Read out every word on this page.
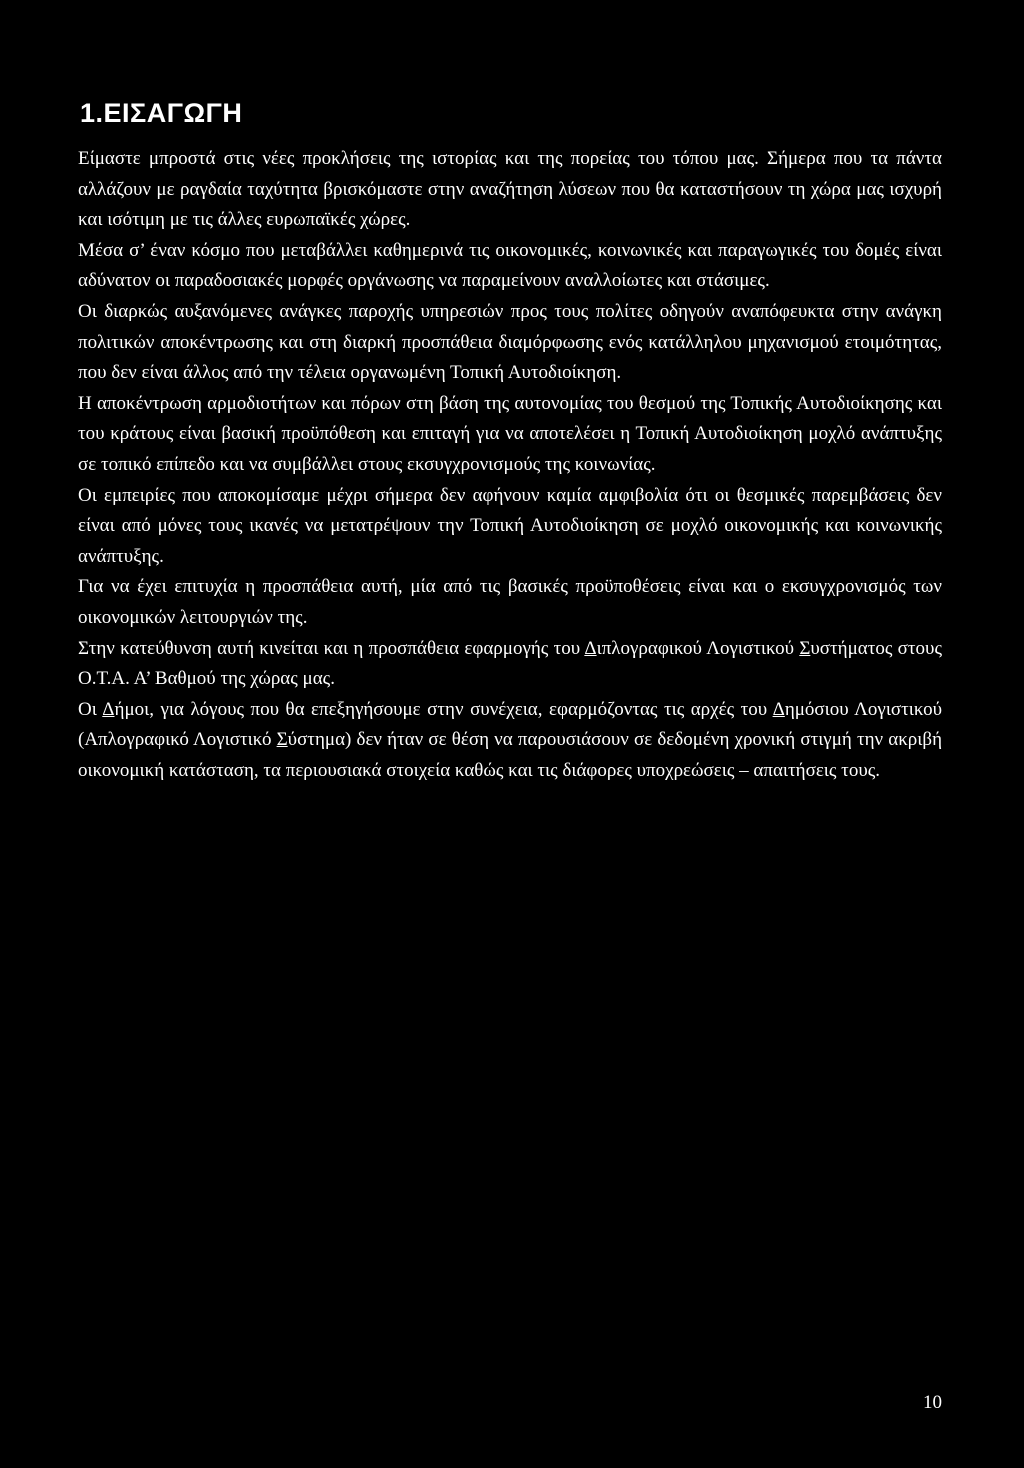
1.ΕΙΣΑΓΩΓΗ

Είμαστε μπροστά στις νέες προκλήσεις της ιστορίας και της πορείας του τόπου μας. Σήμερα που τα πάντα αλλάζουν με ραγδαία ταχύτητα βρισκόμαστε στην αναζήτηση λύσεων που θα καταστήσουν τη χώρα μας ισχυρή και ισότιμη με τις άλλες ευρωπαϊκές χώρες.

Μέσα σ’ έναν κόσμο που μεταβάλλει καθημερινά τις οικονομικές, κοινωνικές και παραγωγικές του δομές είναι αδύνατον οι παραδοσιακές μορφές οργάνωσης να παραμείνουν αναλλοίωτες και στάσιμες.

Οι διαρκώς αυξανόμενες ανάγκες παροχής υπηρεσιών προς τους πολίτες οδηγούν αναπόφευκτα στην ανάγκη πολιτικών αποκέντρωσης και στη διαρκή προσπάθεια διαμόρφωσης ενός κατάλληλου μηχανισμού ετοιμότητας, που δεν είναι άλλος από την τέλεια οργανωμένη Τοπική Αυτοδιοίκηση.

Η αποκέντρωση αρμοδιοτήτων και πόρων στη βάση της αυτονομίας του θεσμού της Τοπικής Αυτοδιοίκησης και του κράτους είναι βασική προϋπόθεση και επιταγή για να αποτελέσει η Τοπική Αυτοδιοίκηση μοχλό ανάπτυξης σε τοπικό επίπεδο και να συμβάλλει στους εκσυγχρονισμούς της κοινωνίας.

Οι εμπειρίες που αποκομίσαμε μέχρι σήμερα δεν αφήνουν καμία αμφιβολία ότι οι θεσμικές παρεμβάσεις δεν είναι από μόνες τους ικανές να μετατρέψουν την Τοπική Αυτοδιοίκηση σε μοχλό οικονομικής και κοινωνικής ανάπτυξης.

Για να έχει επιτυχία η προσπάθεια αυτή, μία από τις βασικές προϋποθέσεις είναι και ο εκσυγχρονισμός των οικονομικών λειτουργιών της.

Στην κατεύθυνση αυτή κινείται και η προσπάθεια εφαρμογής του Διπλογραφικού Λογιστικού Συστήματος στους Ο.Τ.Α. Α’ Βαθμού της χώρας μας.

Οι Δήμοι, για λόγους που θα επεξηγήσουμε στην συνέχεια, εφαρμόζοντας τις αρχές του Δημόσιου Λογιστικού (Απλογραφικό Λογιστικό Σύστημα) δεν ήταν σε θέση να παρουσιάσουν σε δεδομένη χρονική στιγμή την ακριβή οικονομική κατάσταση, τα περιουσιακά στοιχεία καθώς και τις διάφορες υποχρεώσεις – απαιτήσεις τους.

10
